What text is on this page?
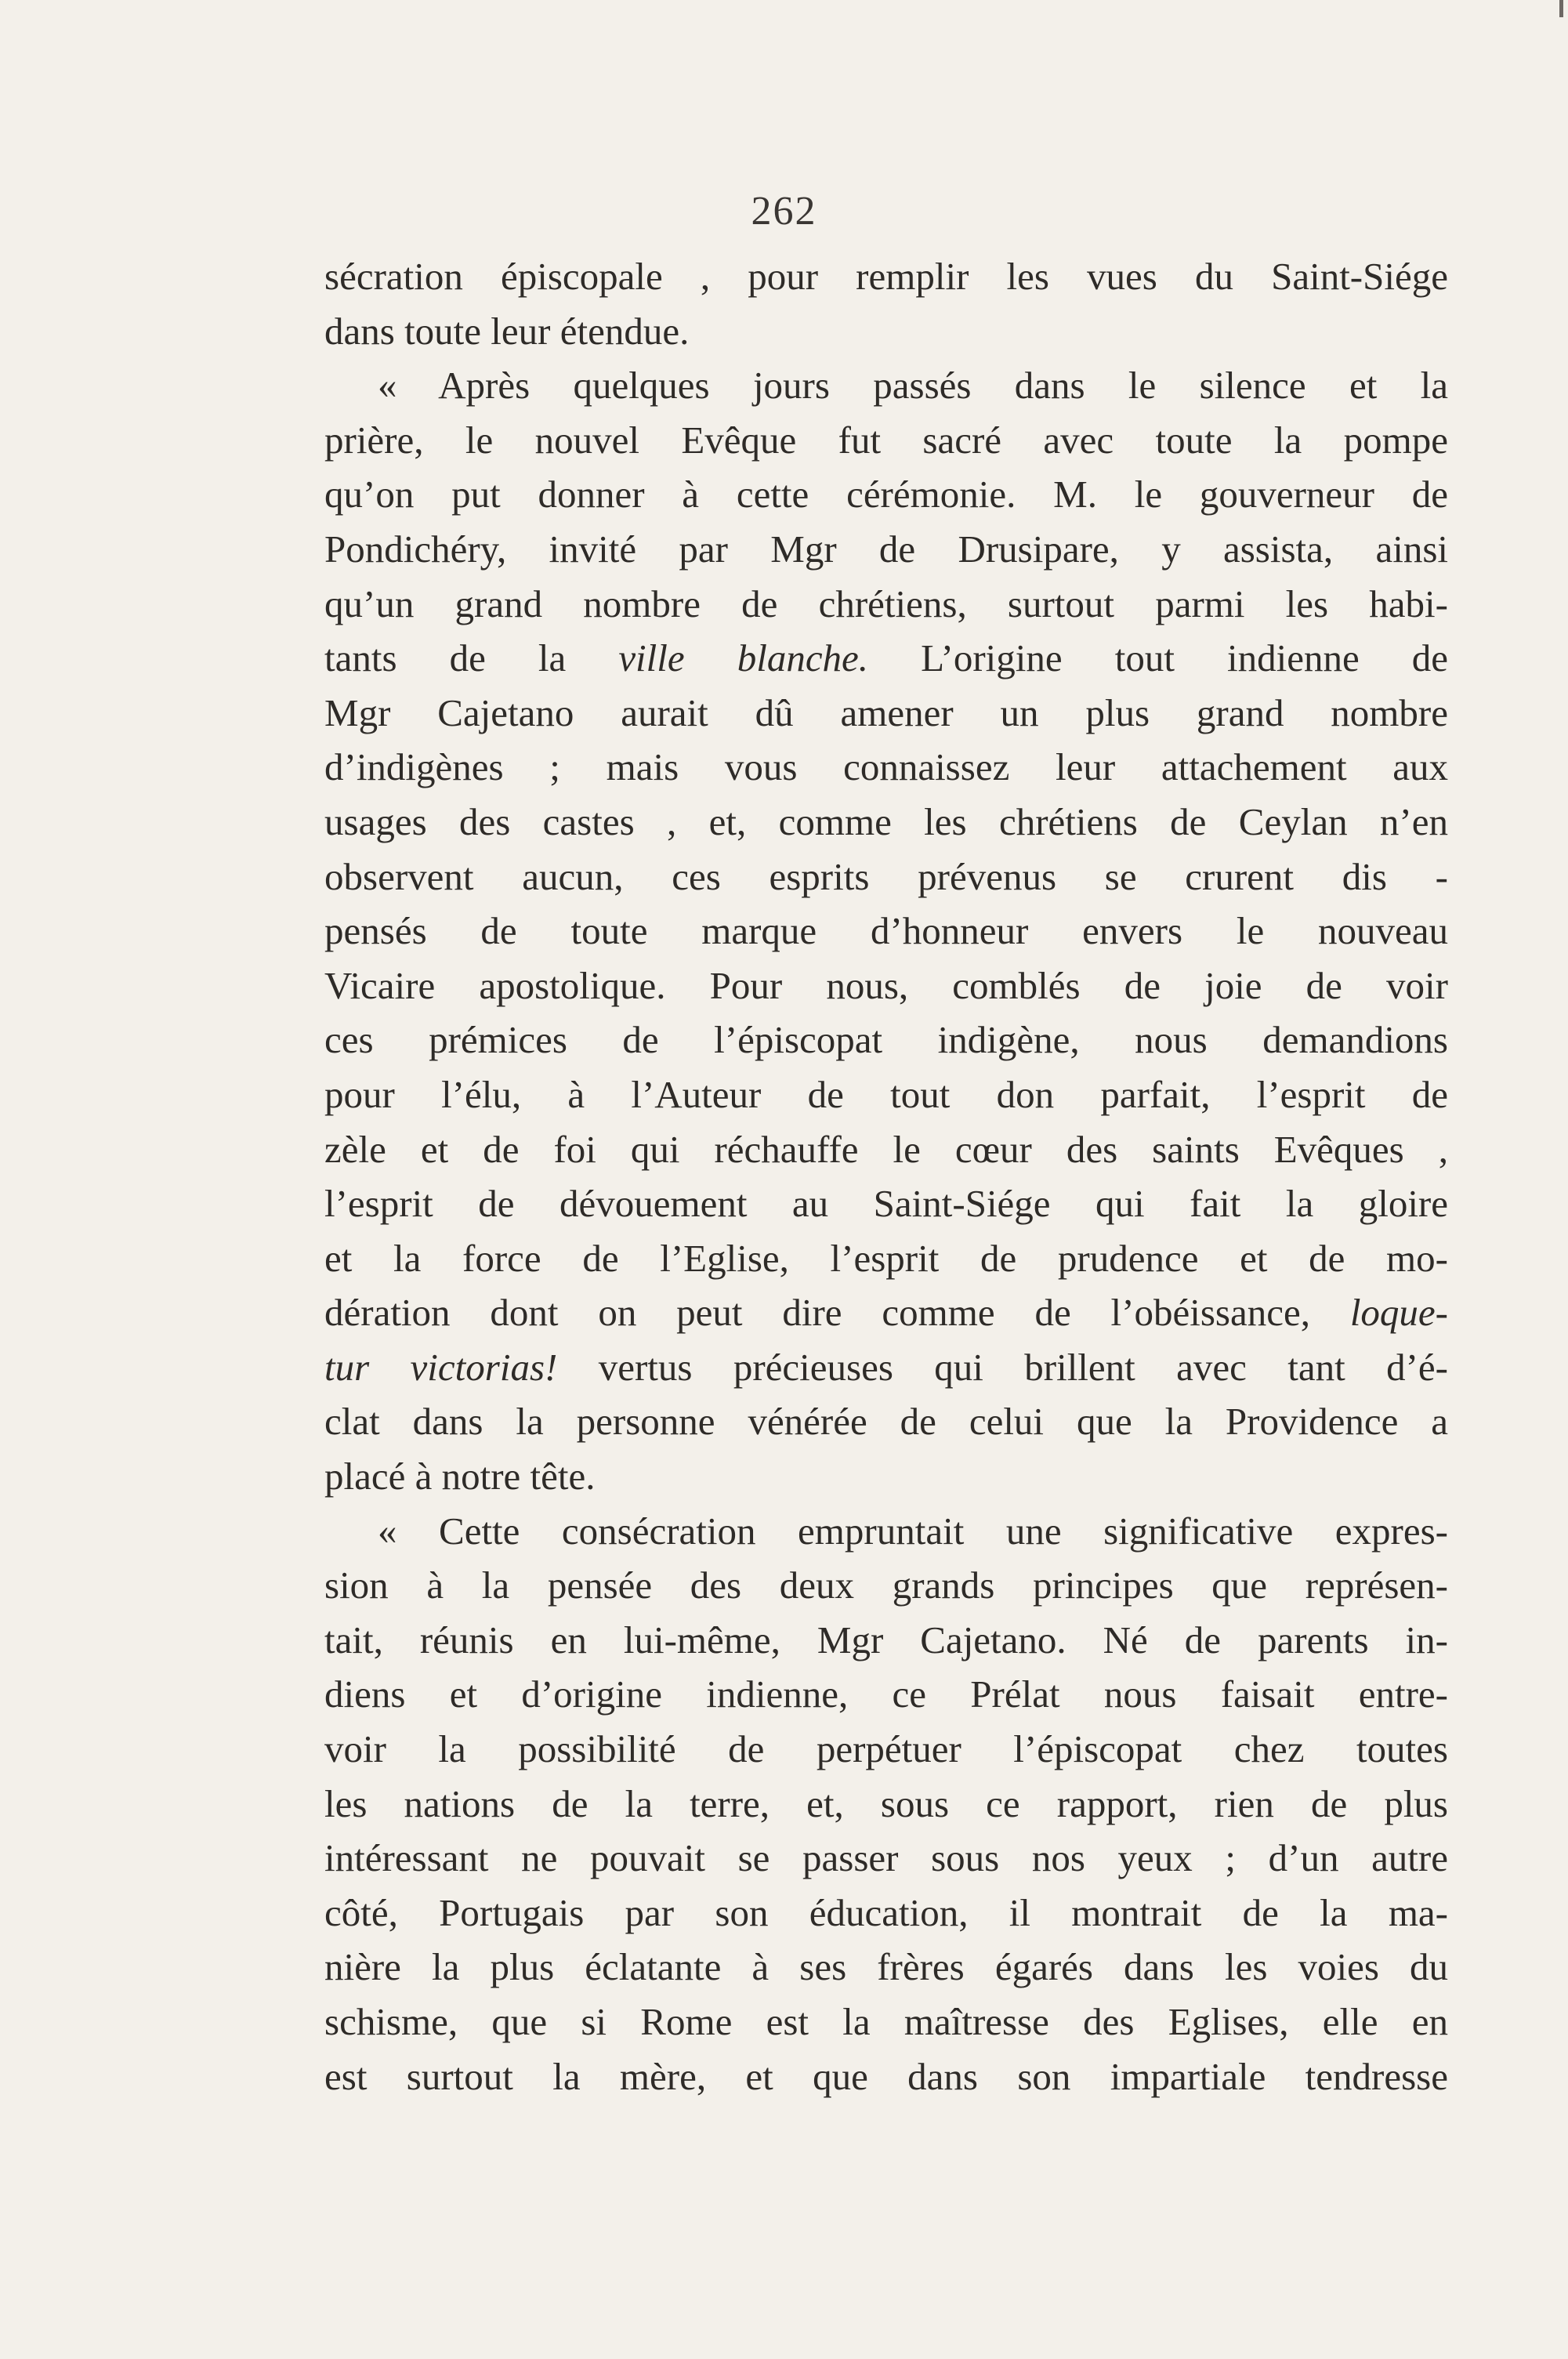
262
sécration épiscopale , pour remplir les vues du Saint-Siége
dans toute leur étendue.
« Après quelques jours passés dans le silence et la
prière, le nouvel Evêque fut sacré avec toute la pompe
qu’on put donner à cette cérémonie. M. le gouverneur de
Pondichéry, invité par Mgr de Drusipare, y assista, ainsi
qu’un grand nombre de chrétiens, surtout parmi les habi-
tants de la ville blanche. L’origine tout indienne de
Mgr Cajetano aurait dû amener un plus grand nombre
d’indigènes ; mais vous connaissez leur attachement aux
usages des castes , et, comme les chrétiens de Ceylan n’en
observent aucun, ces esprits prévenus se crurent dis -
pensés de toute marque d’honneur envers le nouveau
Vicaire apostolique. Pour nous, comblés de joie de voir
ces prémices de l’épiscopat indigène, nous demandions
pour l’élu, à l’Auteur de tout don parfait, l’esprit de
zèle et de foi qui réchauffe le cœur des saints Evêques ,
l’esprit de dévouement au Saint-Siége qui fait la gloire
et la force de l’Eglise, l’esprit de prudence et de mo-
dération dont on peut dire comme de l’obéissance, loque-
tur victorias! vertus précieuses qui brillent avec tant d’é-
clat dans la personne vénérée de celui que la Providence a
placé à notre tête.
« Cette consécration empruntait une significative expres-
sion à la pensée des deux grands principes que représen-
tait, réunis en lui-même, Mgr Cajetano. Né de parents in-
diens et d’origine indienne, ce Prélat nous faisait entre-
voir la possibilité de perpétuer l’épiscopat chez toutes
les nations de la terre, et, sous ce rapport, rien de plus
intéressant ne pouvait se passer sous nos yeux ; d’un autre
côté, Portugais par son éducation, il montrait de la ma-
nière la plus éclatante à ses frères égarés dans les voies du
schisme, que si Rome est la maîtresse des Eglises, elle en
est surtout la mère, et que dans son impartiale tendresse
